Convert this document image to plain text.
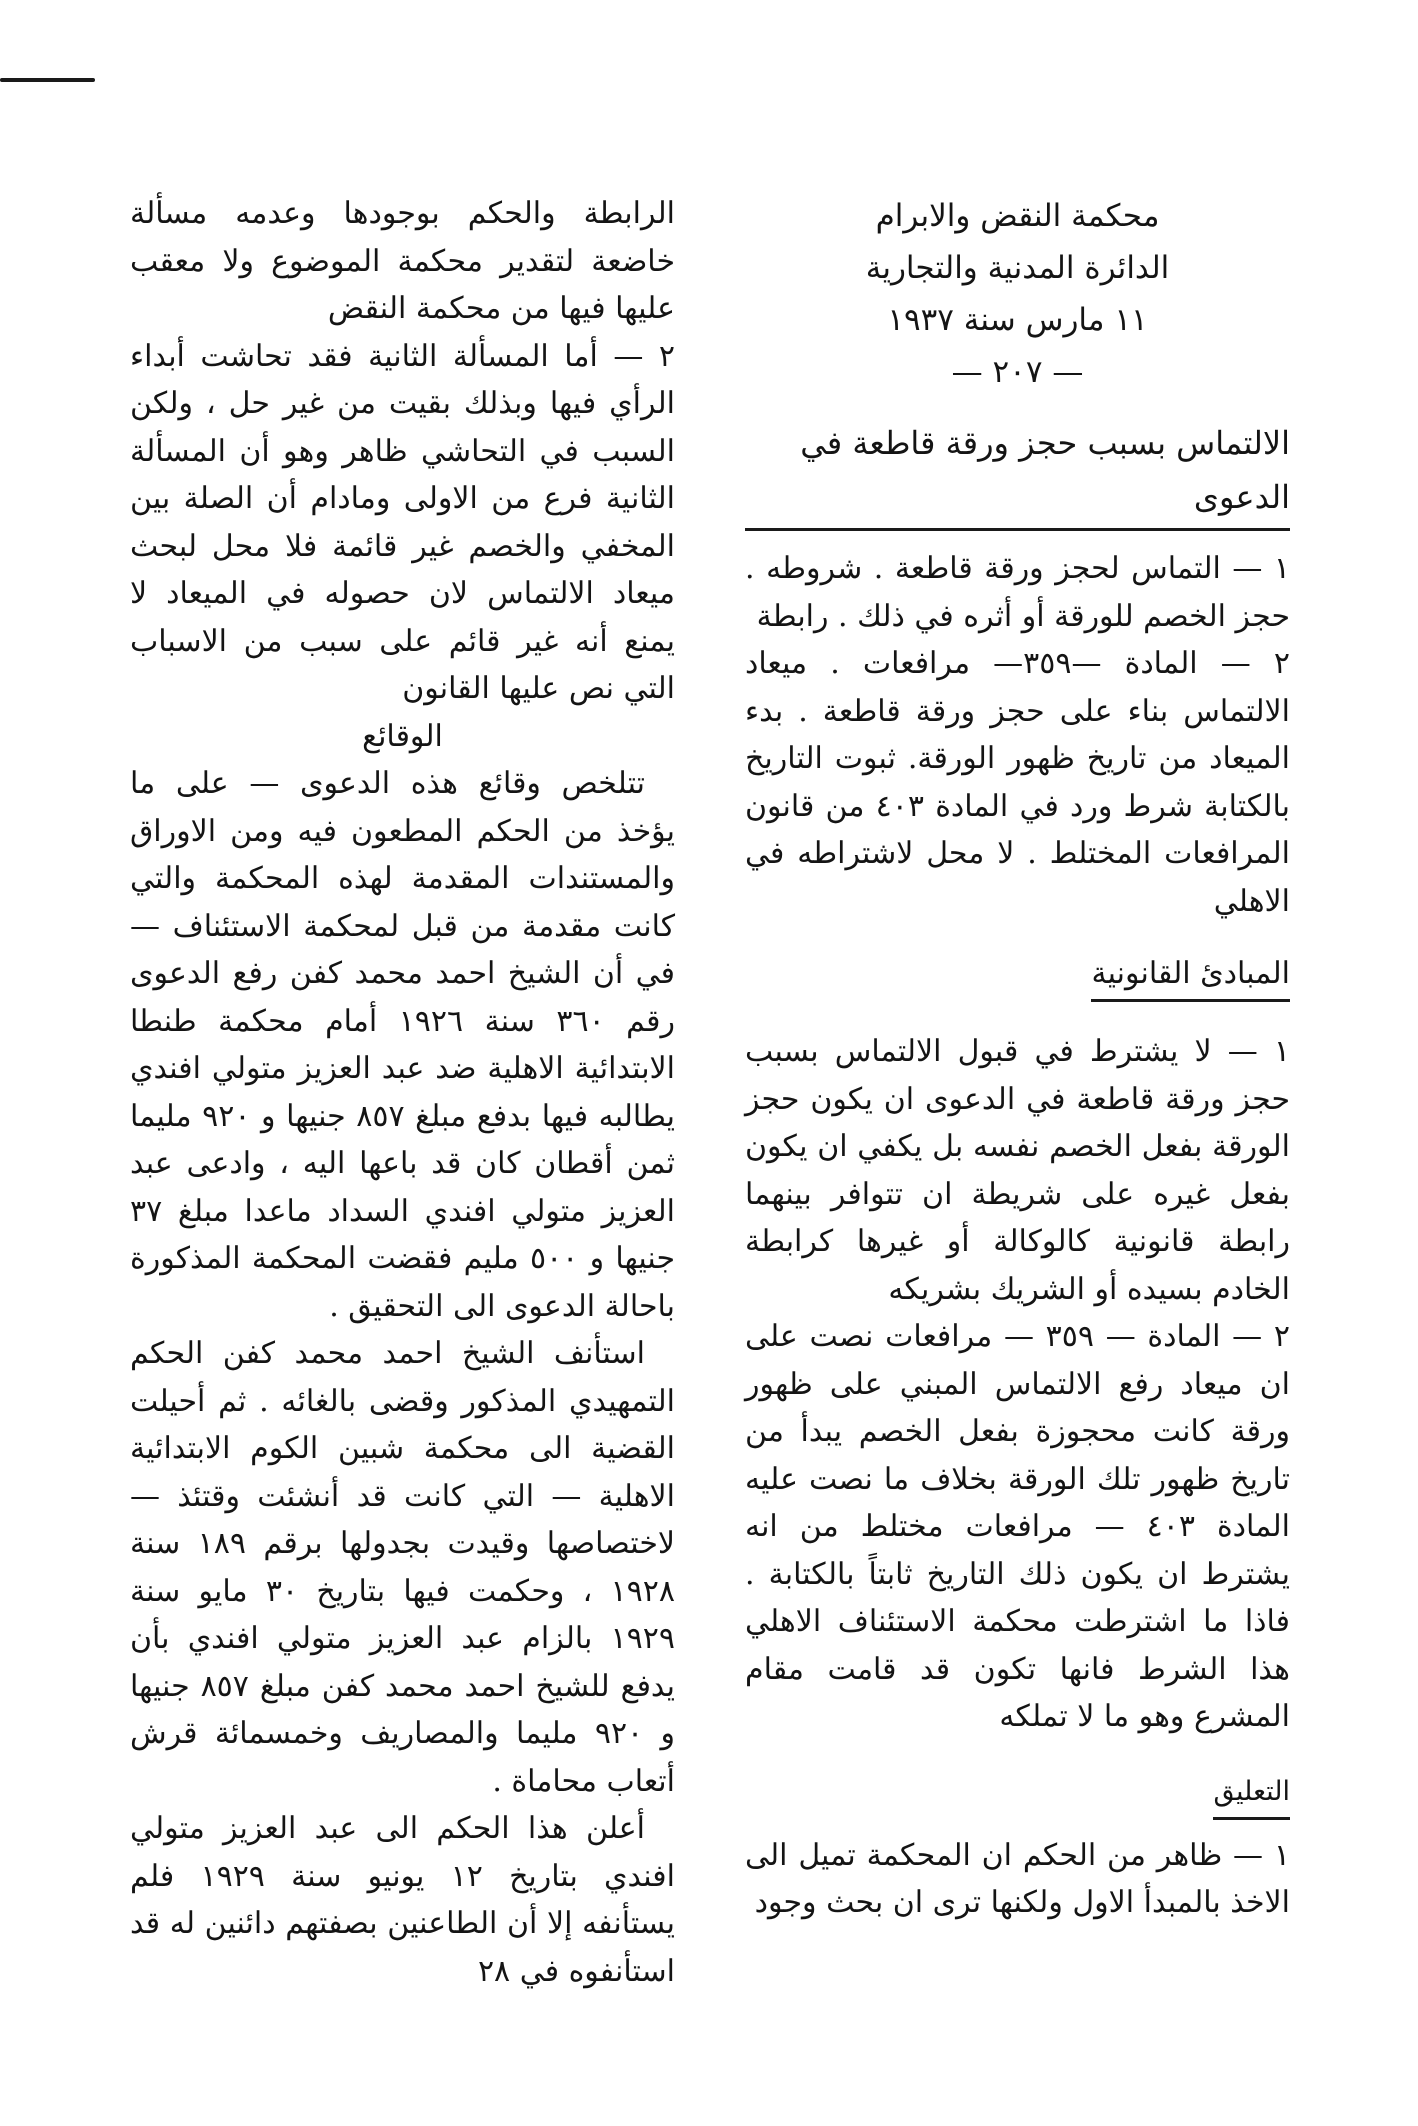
محكمة النقض والابرام
الدائرة المدنية والتجارية
١١ مارس سنة ١٩٣٧
— ٢٠٧ —
الالتماس بسبب حجز ورقة قاطعة في الدعوى

١ — التماس لحجز ورقة قاطعة . شروطه . حجز الخصم للورقة أو أثره في ذلك . رابطة

٢ — المادة —٣٥٩— مرافعات . ميعاد الالتماس بناء على حجز ورقة قاطعة . بدء الميعاد من تاريخ ظهور الورقة. ثبوت التاريخ بالكتابة شرط ورد في المادة ٤٠٣ من قانون المرافعات المختلط . لا محل لاشتراطه في الاهلي

المبادئ القانونية

١ — لا يشترط في قبول الالتماس بسبب حجز ورقة قاطعة في الدعوى ان يكون حجز الورقة بفعل الخصم نفسه بل يكفي ان يكون بفعل غيره على شريطة ان تتوافر بينهما رابطة قانونية كالوكالة أو غيرها كرابطة الخادم بسيده أو الشريك بشريكه

٢ — المادة — ٣٥٩ — مرافعات نصت على ان ميعاد رفع الالتماس المبني على ظهور ورقة كانت محجوزة بفعل الخصم يبدأ من تاريخ ظهور تلك الورقة بخلاف ما نصت عليه المادة ٤٠٣ — مرافعات مختلط من انه يشترط ان يكون ذلك التاريخ ثابتاً بالكتابة . فاذا ما اشترطت محكمة الاستئناف الاهلي هذا الشرط فانها تكون قد قامت مقام المشرع وهو ما لا تملكه

التعليق

١ — ظاهر من الحكم ان المحكمة تميل الى الاخذ بالمبدأ الاول ولكنها ترى ان بحث وجود

الرابطة والحكم بوجودها وعدمه مسألة خاضعة لتقدير محكمة الموضوع ولا معقب عليها فيها من محكمة النقض

٢ — أما المسألة الثانية فقد تحاشت أبداء الرأي فيها وبذلك بقيت من غير حل ، ولكن السبب في التحاشي ظاهر وهو أن المسألة الثانية فرع من الاولى ومادام أن الصلة بين المخفي والخصم غير قائمة فلا محل لبحث ميعاد الالتماس لان حصوله في الميعاد لا يمنع أنه غير قائم على سبب من الاسباب التي نص عليها القانون

الوقائع

تتلخص وقائع هذه الدعوى — على ما يؤخذ من الحكم المطعون فيه ومن الاوراق والمستندات المقدمة لهذه المحكمة والتي كانت مقدمة من قبل لمحكمة الاستئناف — في أن الشيخ احمد محمد كفن رفع الدعوى رقم ٣٦٠ سنة ١٩٢٦ أمام محكمة طنطا الابتدائية الاهلية ضد عبد العزيز متولي افندي يطالبه فيها بدفع مبلغ ٨٥٧ جنيها و ٩٢٠ مليما ثمن أقطان كان قد باعها اليه ، وادعى عبد العزيز متولي افندي السداد ماعدا مبلغ ٣٧ جنيها و ٥٠٠ مليم فقضت المحكمة المذكورة باحالة الدعوى الى التحقيق .

استأنف الشيخ احمد محمد كفن الحكم التمهيدي المذكور وقضى بالغائه . ثم أحيلت القضية الى محكمة شبين الكوم الابتدائية الاهلية — التي كانت قد أنشئت وقتئذ — لاختصاصها وقيدت بجدولها برقم ١٨٩ سنة ١٩٢٨ ، وحكمت فيها بتاريخ ٣٠ مايو سنة ١٩٢٩ بالزام عبد العزيز متولي افندي بأن يدفع للشيخ احمد محمد كفن مبلغ ٨٥٧ جنيها و ٩٢٠ مليما والمصاريف وخمسمائة قرش أتعاب محاماة .

أعلن هذا الحكم الى عبد العزيز متولي افندي بتاريخ ١٢ يونيو سنة ١٩٢٩ فلم يستأنفه إلا أن الطاعنين بصفتهم دائنين له قد استأنفوه في ٢٨
